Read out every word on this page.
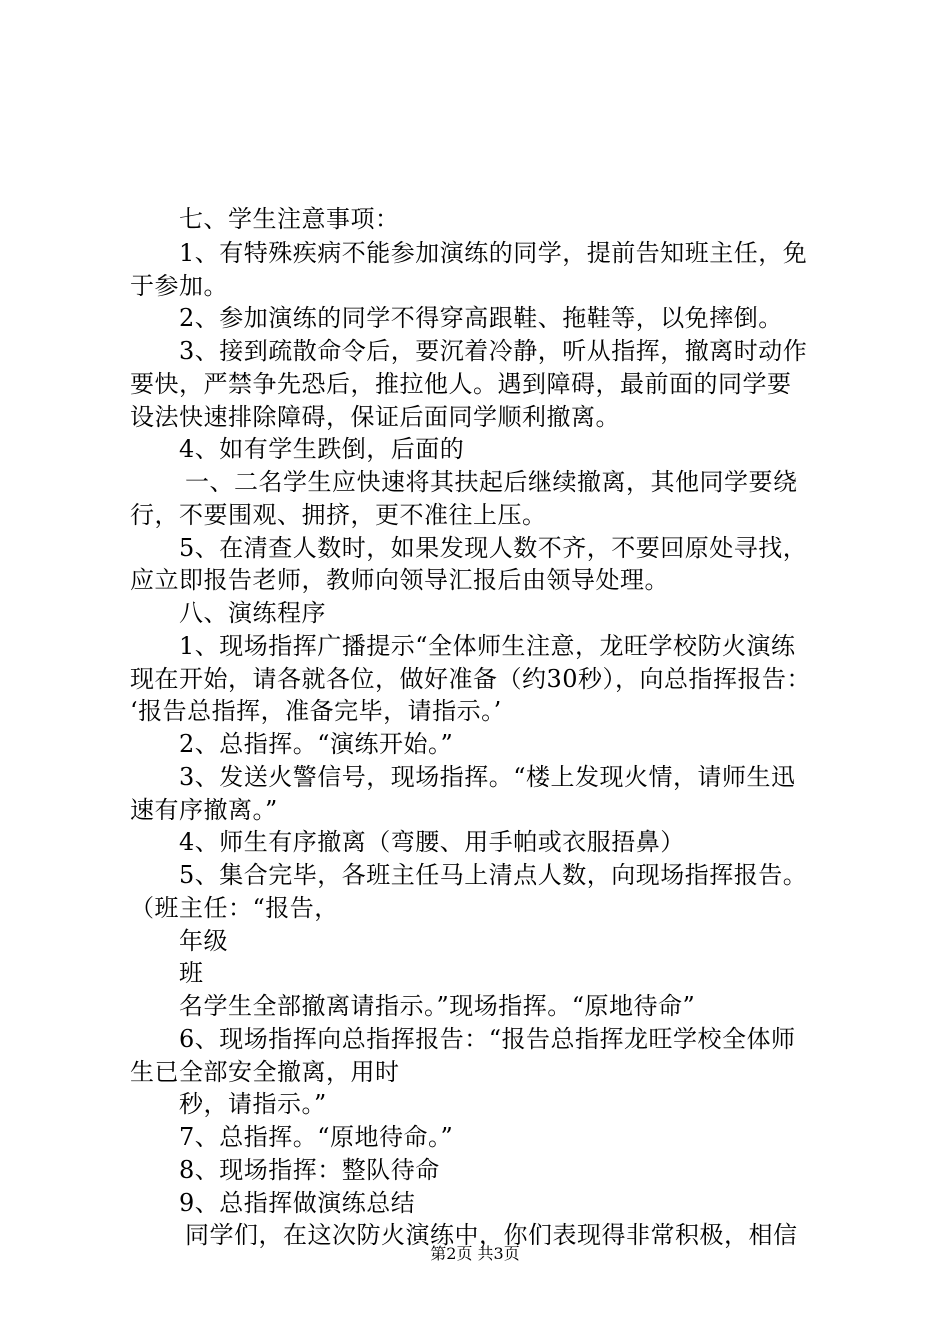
七、学生注意事项：
1、有特殊疾病不能参加演练的同学，提前告知班主任，免
于参加。
2、参加演练的同学不得穿高跟鞋、拖鞋等，以免摔倒。
3、接到疏散命令后，要沉着冷静，听从指挥，撤离时动作
要快，严禁争先恐后，推拉他人。遇到障碍，最前面的同学要
设法快速排除障碍，保证后面同学顺利撤离。
4、如有学生跌倒，后面的
一、二名学生应快速将其扶起后继续撤离，其他同学要绕
行，不要围观、拥挤，更不准往上压。
5、在清查人数时，如果发现人数不齐，不要回原处寻找，
应立即报告老师，教师向领导汇报后由领导处理。
八、演练程序
1、现场指挥广播提示“全体师生注意，龙旺学校防火演练
现在开始，请各就各位，做好准备（约30秒），向总指挥报告：
‘报告总指挥，准备完毕，请指示。’
2、总指挥。“演练开始。”
3、发送火警信号，现场指挥。“楼上发现火情，请师生迅
速有序撤离。”
4、师生有序撤离（弯腰、用手帕或衣服捂鼻）
5、集合完毕，各班主任马上清点人数，向现场指挥报告。
（班主任：“报告，
年级
班
名学生全部撤离请指示。”现场指挥。“原地待命”
6、现场指挥向总指挥报告：“报告总指挥龙旺学校全体师
生已全部安全撤离，用时
秒，请指示。”
7、总指挥。“原地待命。”
8、现场指挥：整队待命
9、总指挥做演练总结
同学们，在这次防火演练中，你们表现得非常积极，相信
第2页 共3页
